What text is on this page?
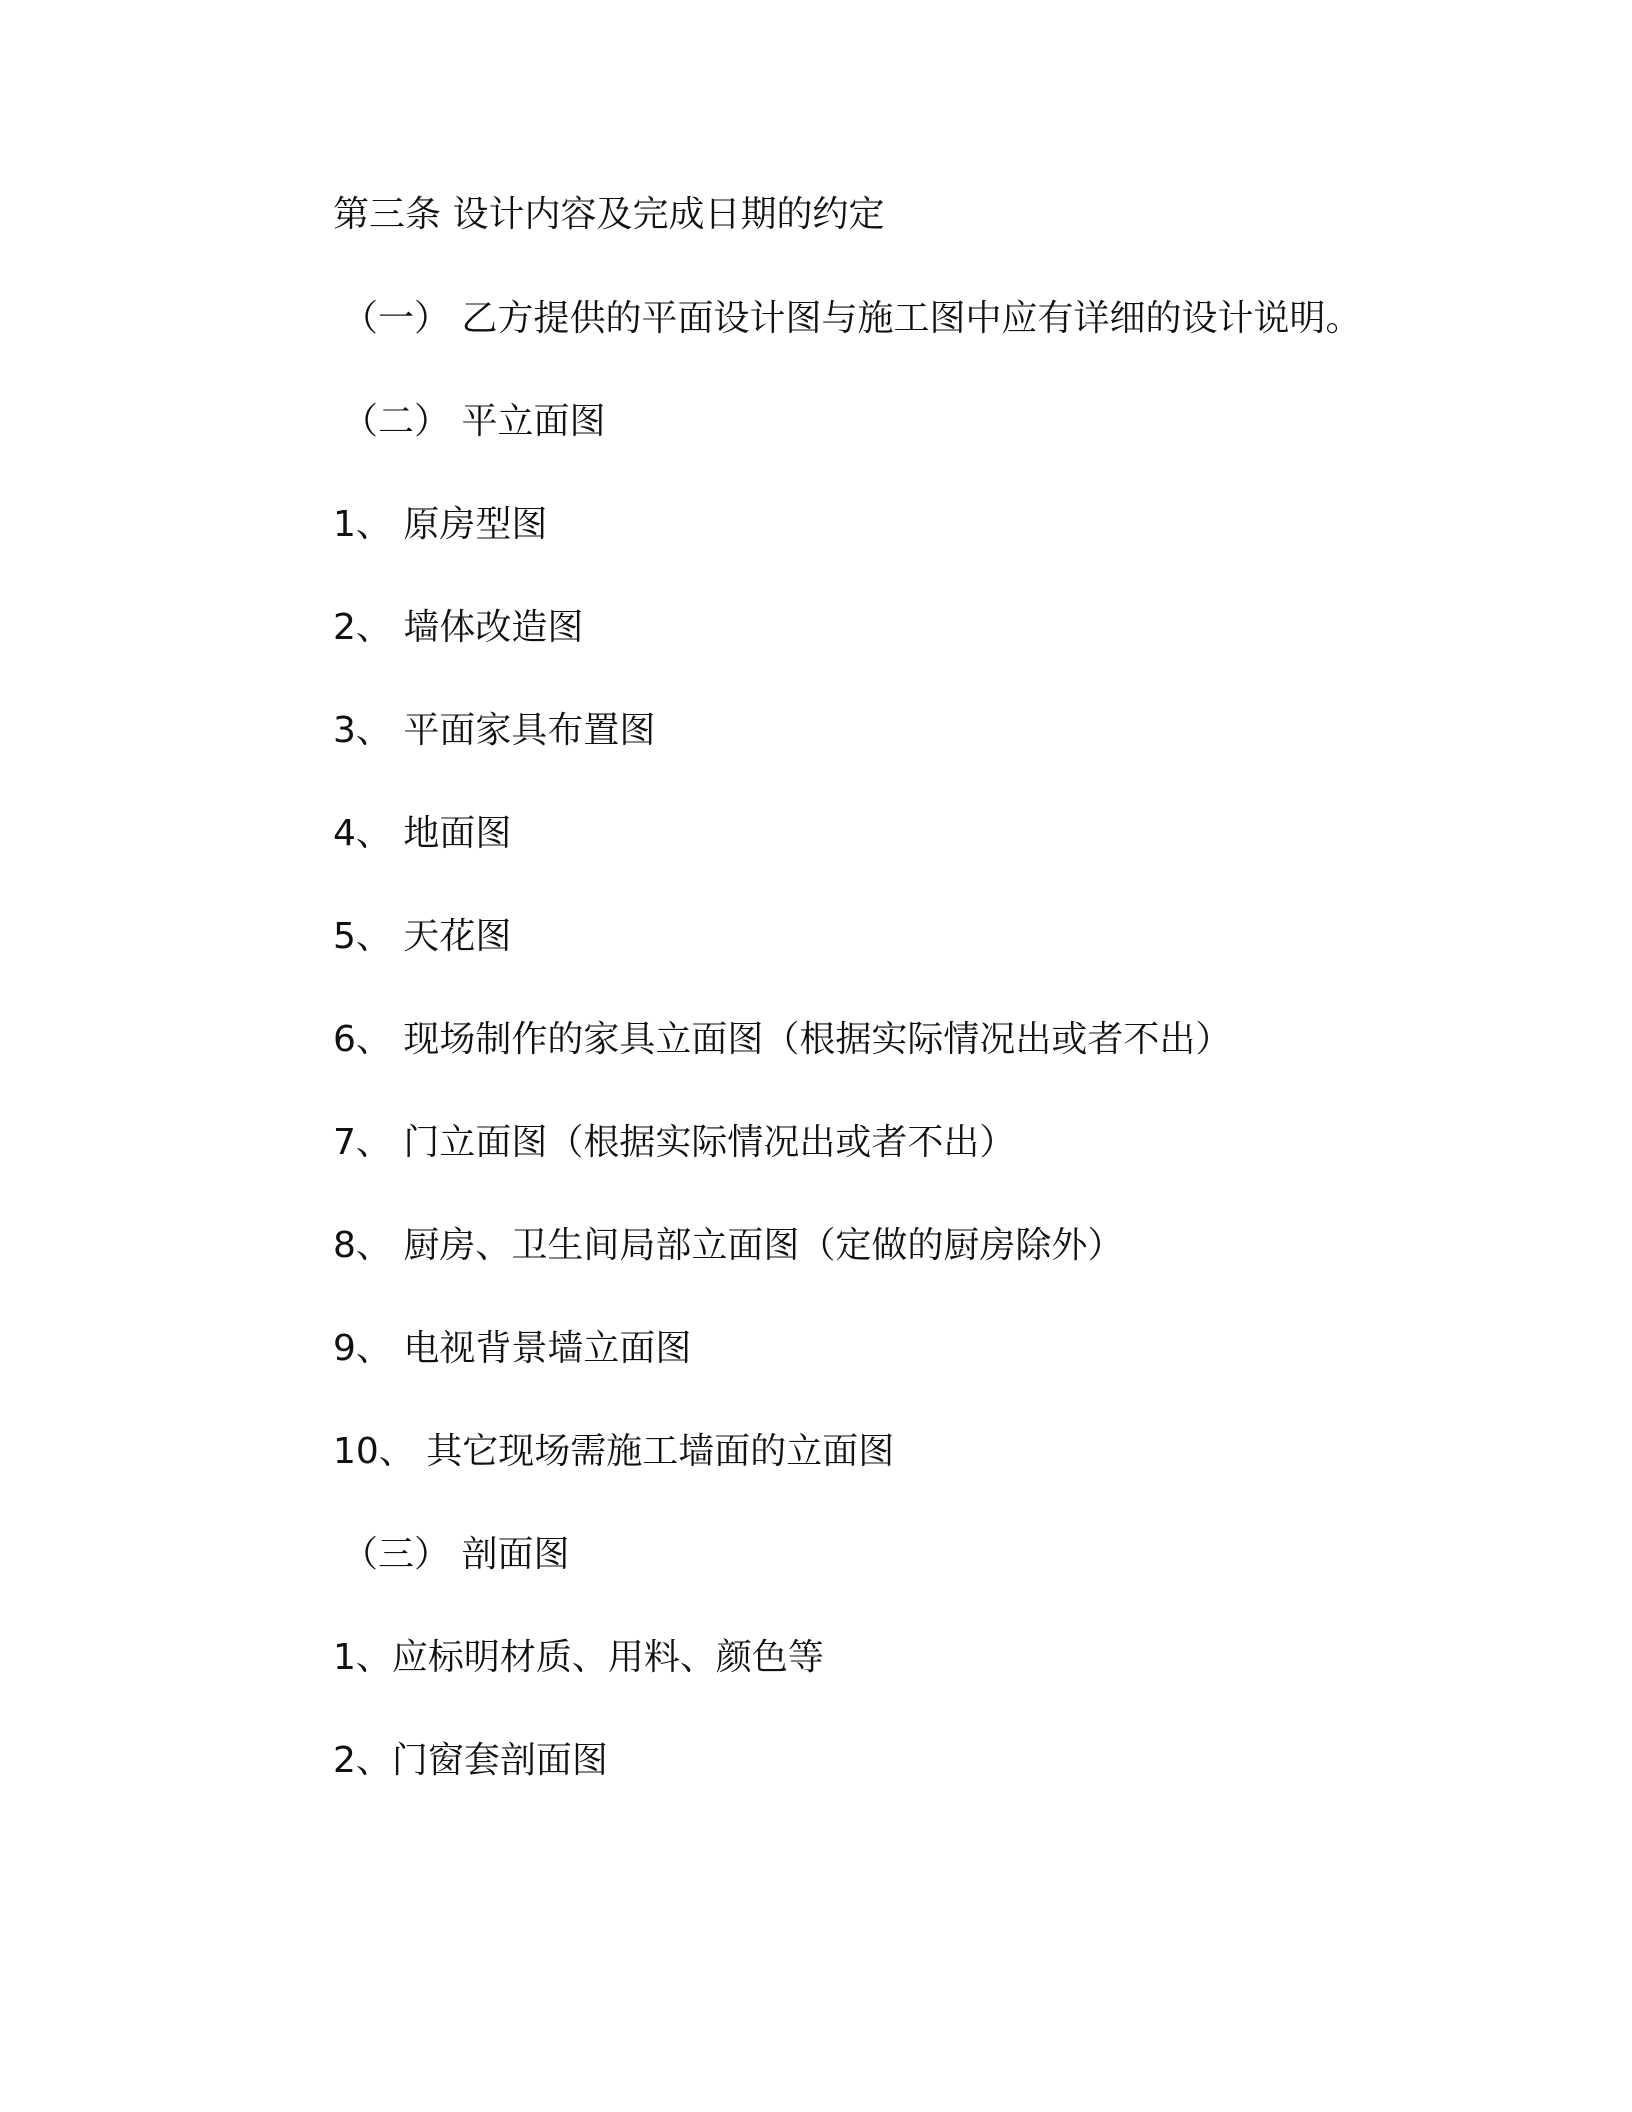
第三条 设计内容及完成日期的约定

（一） 乙方提供的平面设计图与施工图中应有详细的设计说明。

（二） 平立面图

1、 原房型图

2、 墙体改造图

3、 平面家具布置图

4、 地面图

5、 天花图

6、 现场制作的家具立面图（根据实际情况出或者不出）

7、 门立面图（根据实际情况出或者不出）

8、 厨房、卫生间局部立面图（定做的厨房除外）

9、 电视背景墙立面图

10、 其它现场需施工墙面的立面图

（三） 剖面图

1、应标明材质、用料、颜色等

2、门窗套剖面图
